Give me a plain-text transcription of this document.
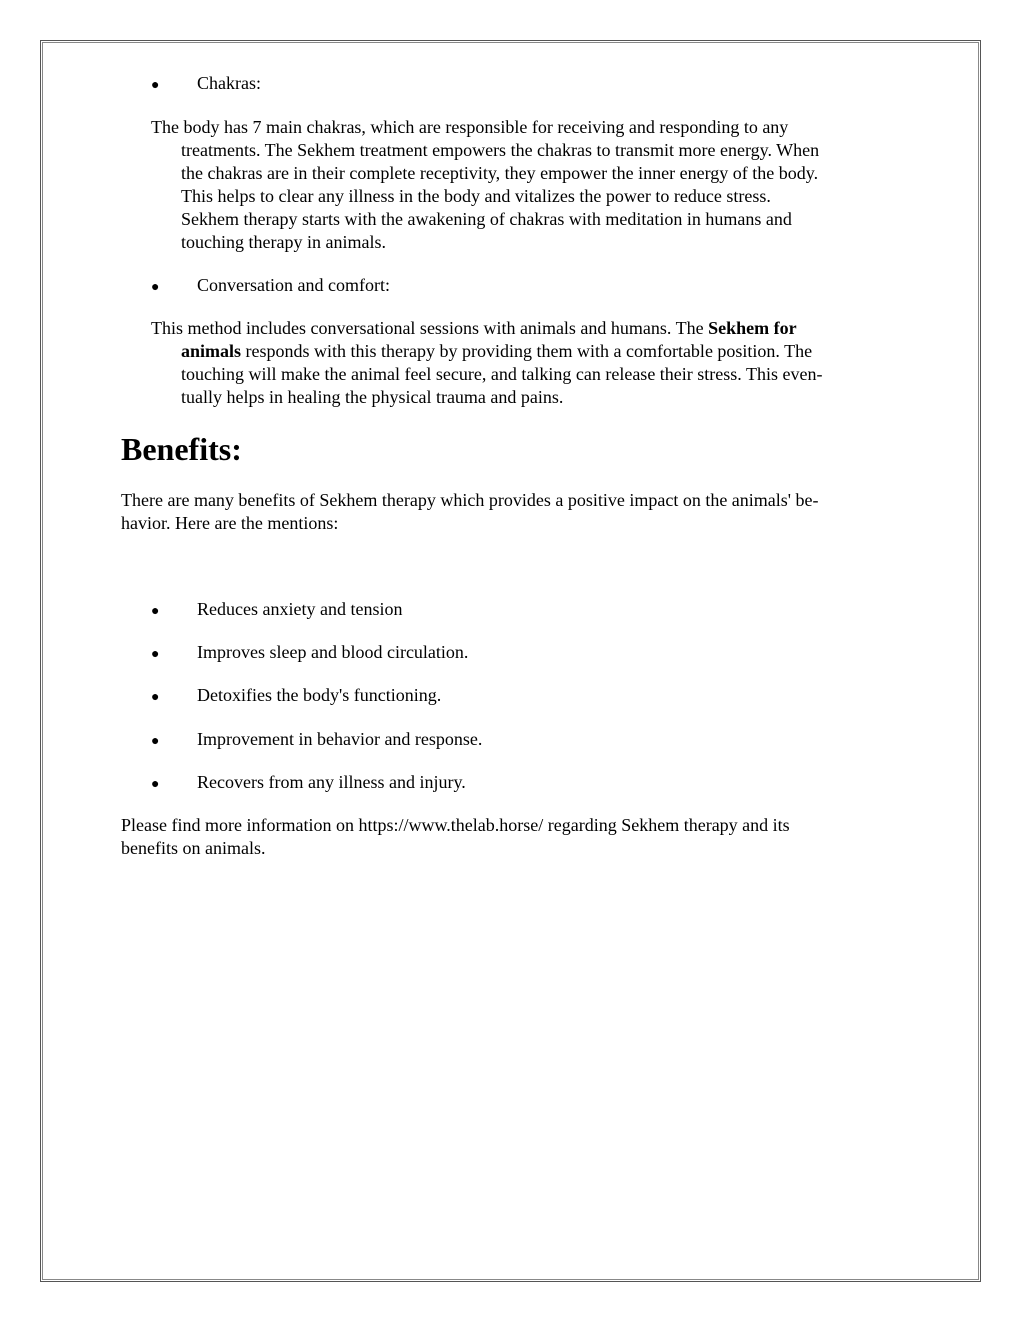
● Chakras:
The body has 7 main chakras, which are responsible for receiving and responding to any
treatments. The Sekhem treatment empowers the chakras to transmit more energy. When
the chakras are in their complete receptivity, they empower the inner energy of the body.
This helps to clear any illness in the body and vitalizes the power to reduce stress.
Sekhem therapy starts with the awakening of chakras with meditation in humans and
touching therapy in animals.
● Conversation and comfort:
This method includes conversational sessions with animals and humans. The Sekhem for
animals responds with this therapy by providing them with a comfortable position. The
touching will make the animal feel secure, and talking can release their stress. This even-
tually helps in healing the physical trauma and pains.
Benefits:
There are many benefits of Sekhem therapy which provides a positive impact on the animals' be-
havior. Here are the mentions:
● Reduces anxiety and tension
● Improves sleep and blood circulation.
● Detoxifies the body's functioning.
● Improvement in behavior and response.
● Recovers from any illness and injury.
Please find more information on https://www.thelab.horse/ regarding Sekhem therapy and its
benefits on animals.
